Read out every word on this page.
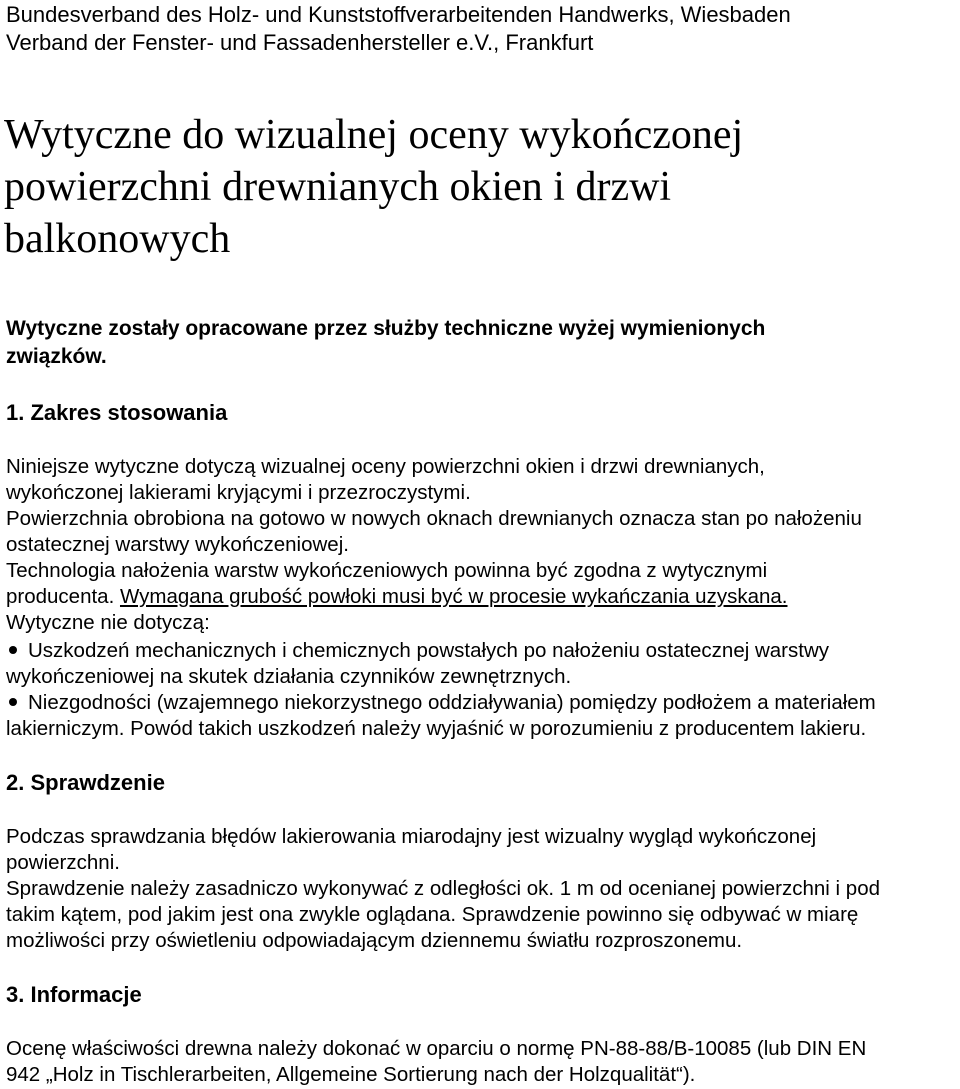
Bundesverband des Holz- und Kunststoffverarbeitenden Handwerks, Wiesbaden
Verband der Fenster- und Fassadenhersteller e.V., Frankfurt
Wytyczne do wizualnej oceny wykończonej
powierzchni drewnianych okien i drzwi
balkonowych
Wytyczne zostały opracowane przez służby techniczne wyżej wymienionych
związków.
1. Zakres stosowania
Niniejsze wytyczne dotyczą wizualnej oceny powierzchni okien i drzwi drewnianych,
wykończonej lakierami kryjącymi i przezroczystymi.
Powierzchnia obrobiona na gotowo w nowych oknach drewnianych oznacza stan po nałożeniu
ostatecznej warstwy wykończeniowej.
Technologia nałożenia warstw wykończeniowych powinna być zgodna z wytycznymi
producenta. Wymagana grubość powłoki musi być w procesie wykańczania uzyskana.
Wytyczne nie dotyczą:
Uszkodzeń mechanicznych i chemicznych powstałych po nałożeniu ostatecznej warstwy
wykończeniowej na skutek działania czynników zewnętrznych.
Niezgodności (wzajemnego niekorzystnego oddziaływania) pomiędzy podłożem a materiałem
lakierniczym. Powód takich uszkodzeń należy wyjaśnić w porozumieniu z producentem lakieru.
2. Sprawdzenie
Podczas sprawdzania błędów lakierowania miarodajny jest wizualny wygląd wykończonej
powierzchni.
Sprawdzenie należy zasadniczo wykonywać z odległości ok. 1 m od ocenianej powierzchni i pod
takim kątem, pod jakim jest ona zwykle oglądana. Sprawdzenie powinno się odbywać w miarę
możliwości przy oświetleniu odpowiadającym dziennemu światłu rozproszonemu.
3. Informacje
Ocenę właściwości drewna należy dokonać w oparciu o normę PN-88-88/B-10085 (lub DIN EN
942 „Holz in Tischlerarbeiten, Allgemeine Sortierung nach der Holzqualität“).
